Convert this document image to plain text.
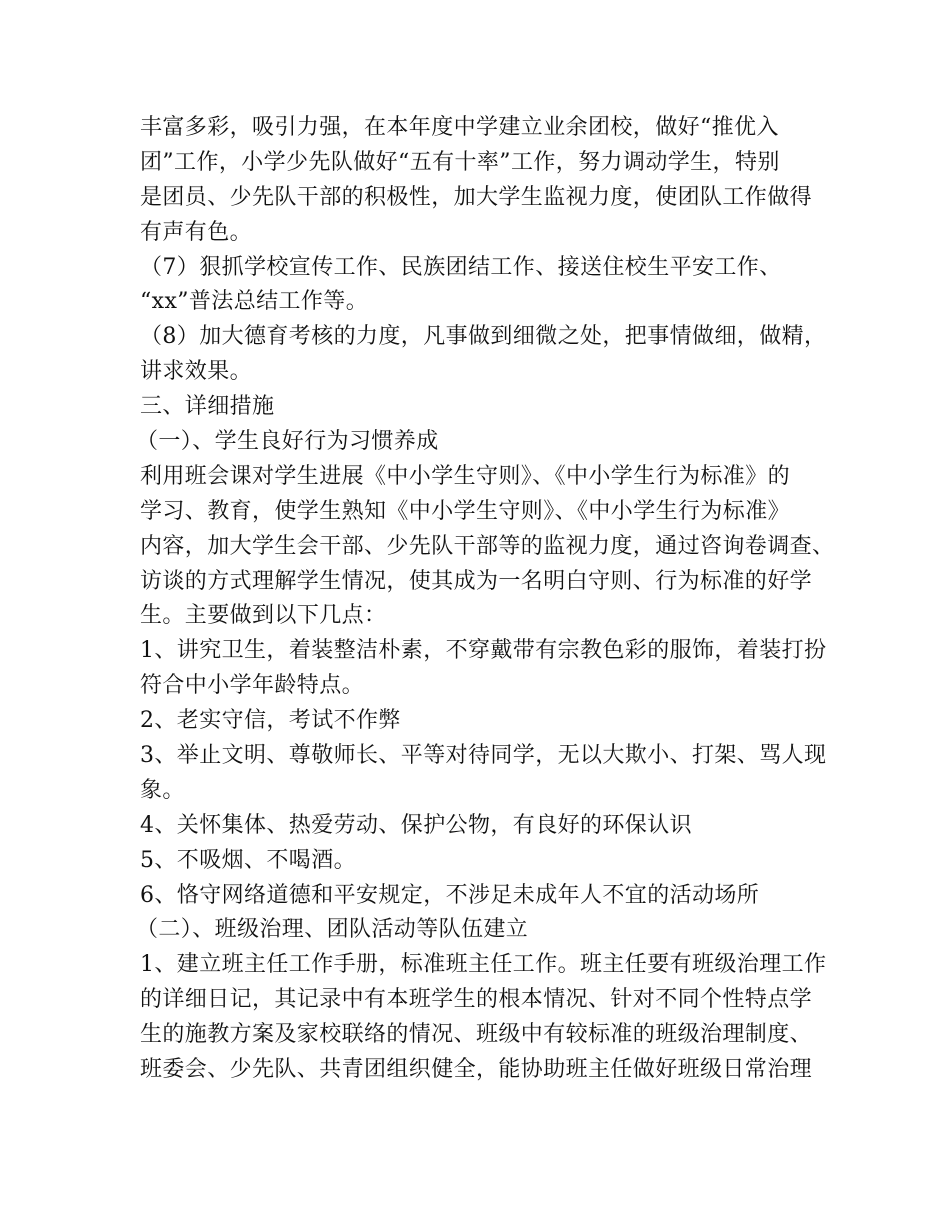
丰富多彩，吸引力强，在本年度中学建立业余团校，做好“推优入
团”工作，小学少先队做好“五有十率”工作，努力调动学生，特别
是团员、少先队干部的积极性，加大学生监视力度，使团队工作做得
有声有色。
（7）狠抓学校宣传工作、民族团结工作、接送住校生平安工作、
“xx”普法总结工作等。
（8）加大德育考核的力度，凡事做到细微之处，把事情做细，做精，
讲求效果。
三、详细措施
（一）、学生良好行为习惯养成
利用班会课对学生进展《中小学生守则》、《中小学生行为标准》的
学习、教育，使学生熟知《中小学生守则》、《中小学生行为标准》
内容，加大学生会干部、少先队干部等的监视力度，通过咨询卷调查、
访谈的方式理解学生情况，使其成为一名明白守则、行为标准的好学
生。主要做到以下几点：
1、讲究卫生，着装整洁朴素，不穿戴带有宗教色彩的服饰，着装打扮
符合中小学年龄特点。
2、老实守信，考试不作弊
3、举止文明、尊敬师长、平等对待同学，无以大欺小、打架、骂人现
象。
4、关怀集体、热爱劳动、保护公物，有良好的环保认识
5、不吸烟、不喝酒。
6、恪守网络道德和平安规定，不涉足未成年人不宜的活动场所
（二）、班级治理、团队活动等队伍建立
1、建立班主任工作手册，标准班主任工作。班主任要有班级治理工作
的详细日记，其记录中有本班学生的根本情况、针对不同个性特点学
生的施教方案及家校联络的情况、班级中有较标准的班级治理制度、
班委会、少先队、共青团组织健全，能协助班主任做好班级日常治理
